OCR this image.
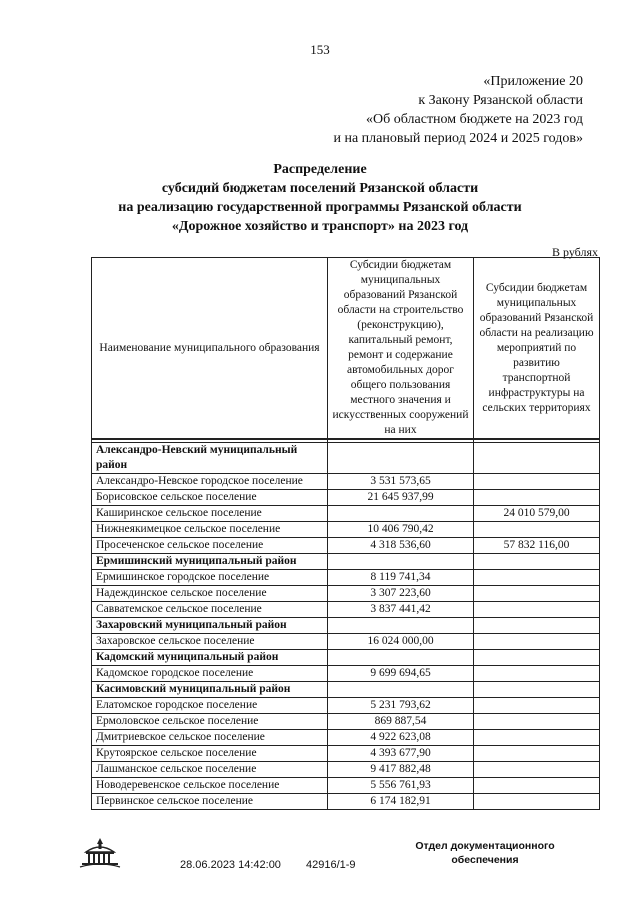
153
«Приложение 20
к Закону Рязанской области
«Об областном бюджете на 2023 год
и на плановый период 2024 и 2025 годов»
Распределение
субсидий бюджетам поселений Рязанской области
на реализацию государственной программы Рязанской области
«Дорожное хозяйство и транспорт» на 2023 год
В рублях
Наименование муниципального образования	Субсидии бюджетам муниципальных образований Рязанской области на строительство (реконструкцию), капитальный ремонт, ремонт и содержание автомобильных дорог общего пользования местного значения и искусственных сооружений на них	Субсидии бюджетам муниципальных образований Рязанской области на реализацию мероприятий по развитию транспортной инфраструктуры на сельских территориях

Александро-Невский муниципальный район		
Александро-Невское городское поселение	3 531 573,65	
Борисовское сельское поселение	21 645 937,99	
Каширинское сельское поселение		24 010 579,00
Нижнеякимецкое сельское поселение	10 406 790,42	
Просеченское сельское поселение	4 318 536,60	57 832 116,00
Ермишинский муниципальный район		
Ермишинское городское поселение	8 119 741,34	
Надеждинское сельское поселение	3 307 223,60	
Савватемское сельское поселение	3 837 441,42	
Захаровский муниципальный район		
Захаровское сельское поселение	16 024 000,00	
Кадомский муниципальный район		
Кадомское городское поселение	9 699 694,65	
Касимовский муниципальный район		
Елатомское городское поселение	5 231 793,62	
Ермоловское сельское поселение	869 887,54	
Дмитриевское сельское поселение	4 922 623,08	
Крутоярское сельское поселение	4 393 677,90	
Лашманское сельское поселение	9 417 882,48	
Новодеревенское сельское поселение	5 556 761,93	
Первинское сельское поселение	6 174 182,91	
28.06.2023 14:42:00 42916/1-9
Отдел документационного
обеспечения
